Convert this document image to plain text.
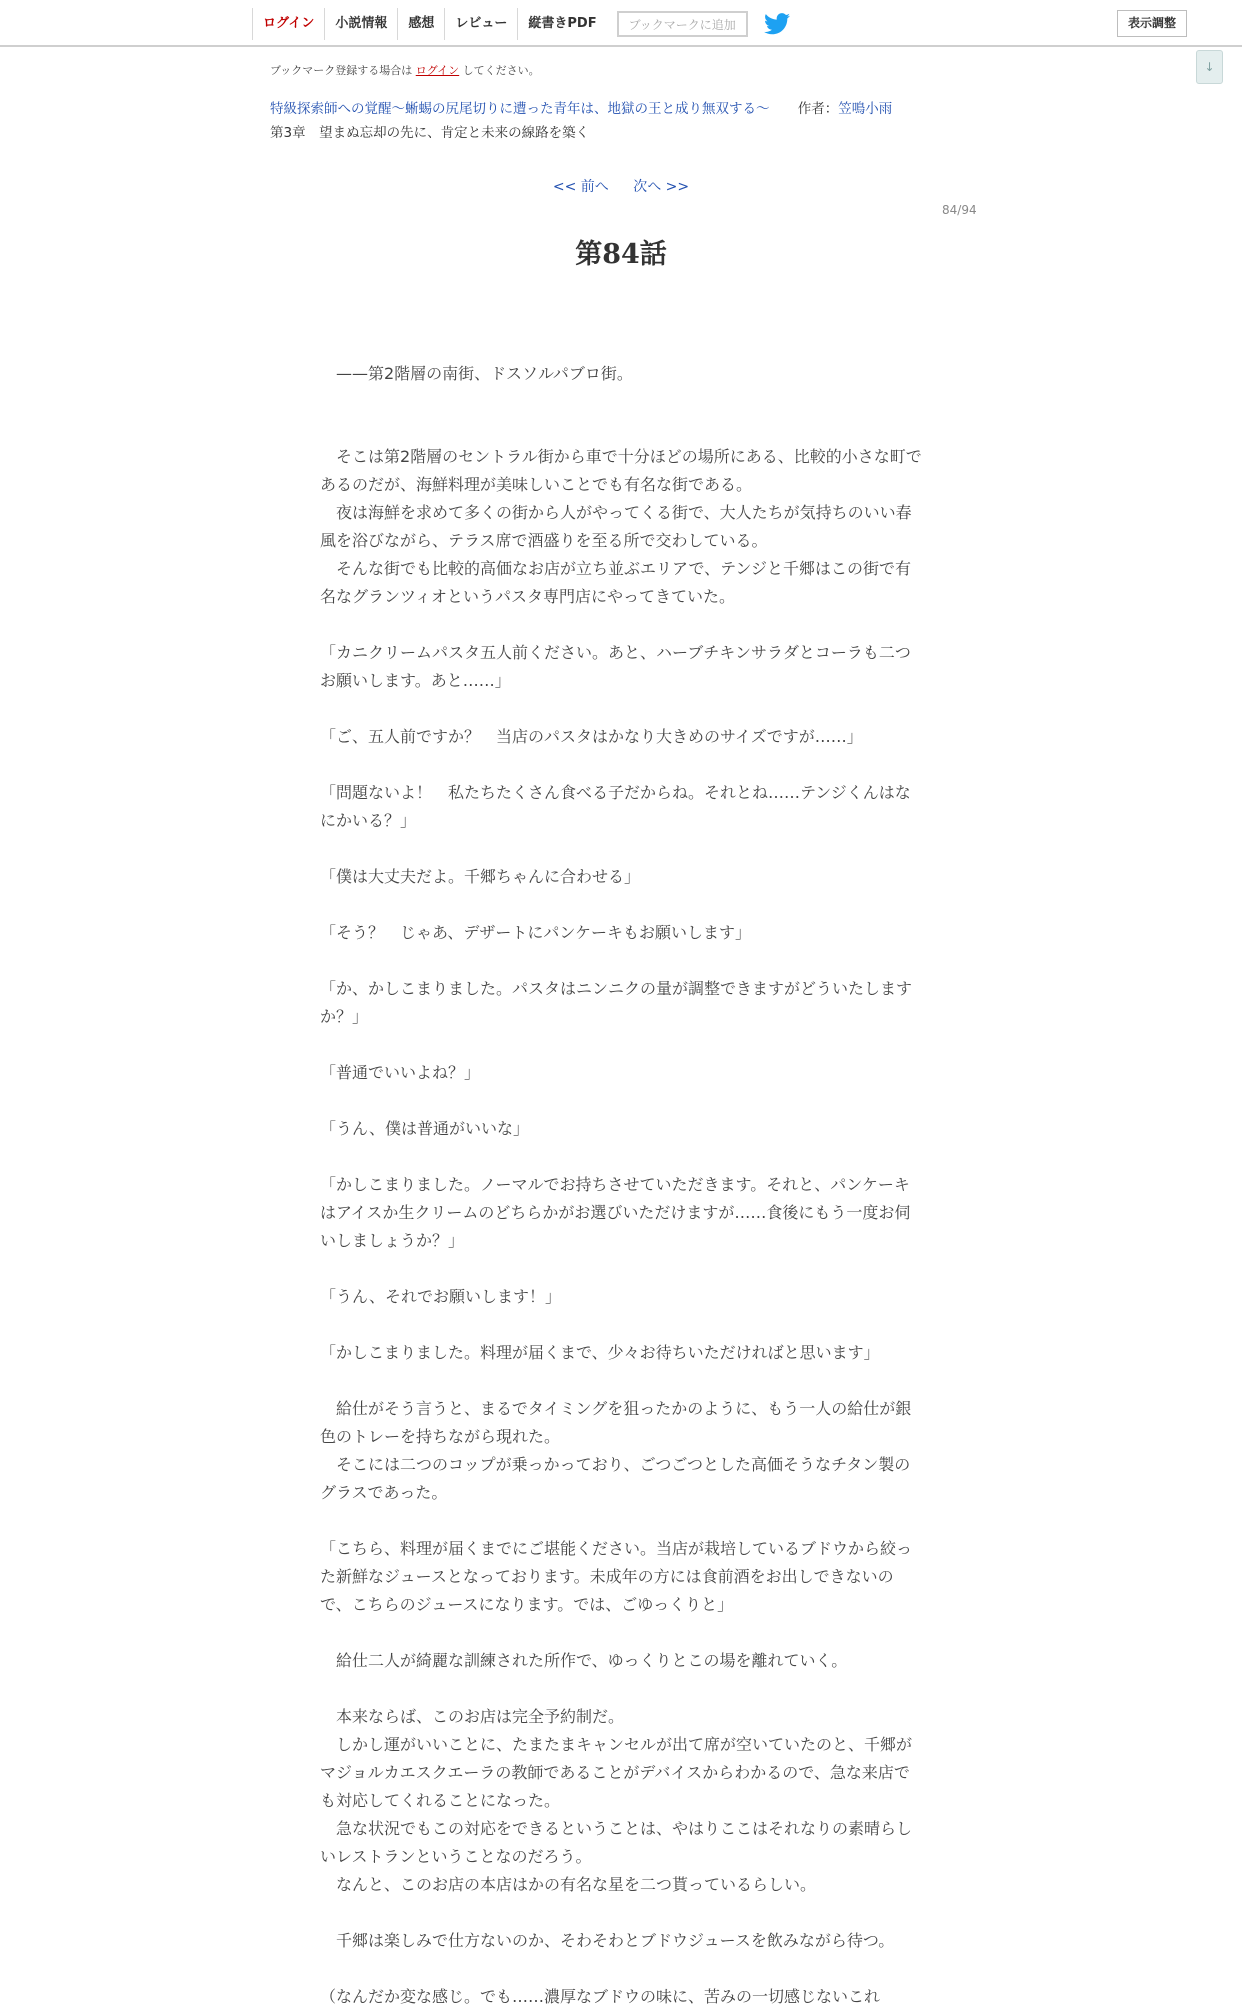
ログイン	小説情報	感想	レビュー	縦書きPDF	ブックマークに追加	表示調整
↓
ブックマーク登録する場合は ログイン してください。
特級探索師への覚醒～蜥蜴の尻尾切りに遭った青年は、地獄の王と成り無双する～ 作者：笠鳴小雨
第3章　望まぬ忘却の先に、肯定と未来の線路を築く
<< 前へ 次へ >>
84/94
第84話
　——第2階層の南街、ドスソルパブロ街。
　そこは第2階層のセントラル街から車で十分ほどの場所にある、比較的小さな町で
あるのだが、海鮮料理が美味しいことでも有名な街である。
　夜は海鮮を求めて多くの街から人がやってくる街で、大人たちが気持ちのいい春
風を浴びながら、テラス席で酒盛りを至る所で交わしている。
　そんな街でも比較的高価なお店が立ち並ぶエリアで、テンジと千郷はこの街で有
名なグランツィオというパスタ専門店にやってきていた。
「カニクリームパスタ五人前ください。あと、ハーブチキンサラダとコーラも二つ
お願いします。あと……」
「ご、五人前ですか？　当店のパスタはかなり大きめのサイズですが……」
「問題ないよ！　私たちたくさん食べる子だからね。それとね……テンジくんはな
にかいる？」
「僕は大丈夫だよ。千郷ちゃんに合わせる」
「そう？　じゃあ、デザートにパンケーキもお願いします」
「か、かしこまりました。パスタはニンニクの量が調整できますがどういたします
か？」
「普通でいいよね？」
「うん、僕は普通がいいな」
「かしこまりました。ノーマルでお持ちさせていただきます。それと、パンケーキ
はアイスか生クリームのどちらかがお選びいただけますが……食後にもう一度お伺
いしましょうか？」
「うん、それでお願いします！」
「かしこまりました。料理が届くまで、少々お待ちいただければと思います」
　給仕がそう言うと、まるでタイミングを狙ったかのように、もう一人の給仕が銀
色のトレーを持ちながら現れた。
　そこには二つのコップが乗っかっており、ごつごつとした高価そうなチタン製の
グラスであった。
「こちら、料理が届くまでにご堪能ください。当店が栽培しているブドウから絞っ
た新鮮なジュースとなっております。未成年の方には食前酒をお出しできないの
で、こちらのジュースになります。では、ごゆっくりと」
　給仕二人が綺麗な訓練された所作で、ゆっくりとこの場を離れていく。
　本来ならば、このお店は完全予約制だ。
　しかし運がいいことに、たまたまキャンセルが出て席が空いていたのと、千郷が
マジョルカエスクエーラの教師であることがデバイスからわかるので、急な来店で
も対応してくれることになった。
　急な状況でもこの対応をできるということは、やはりここはそれなりの素晴らし
いレストランということなのだろう。
　なんと、このお店の本店はかの有名な星を二つ貰っているらしい。
　千郷は楽しみで仕方ないのか、そわそわとブドウジュースを飲みながら待つ。
（なんだか変な感じ。でも……濃厚なブドウの味に、苦みの一切感じないこれ
